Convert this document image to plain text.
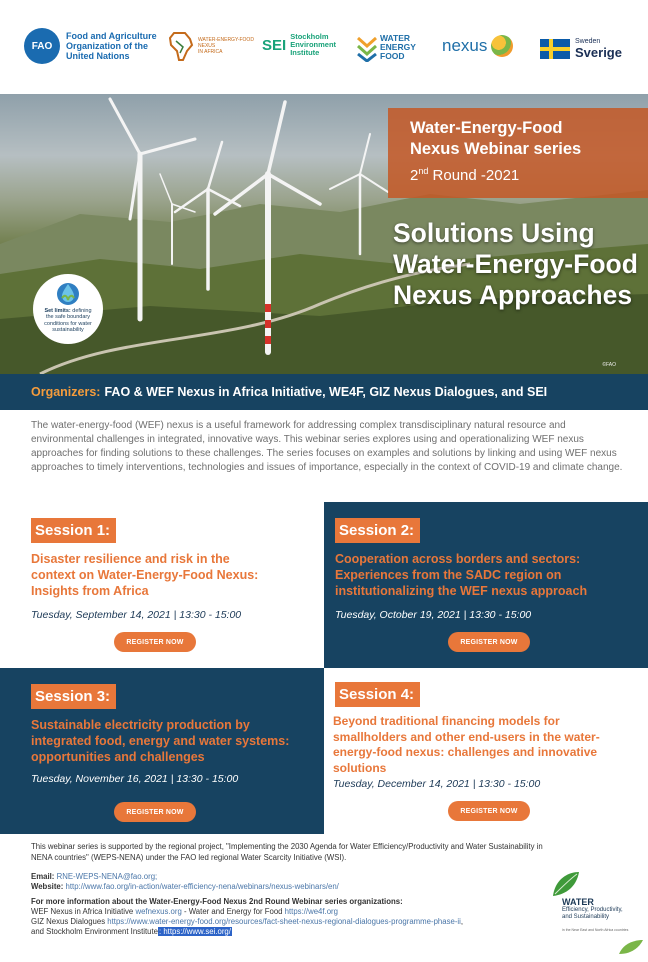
FAO
Food and Agriculture
Organization of the
United Nations
WATER-ENERGY-FOOD
NEXUS
IN AFRICA	SEI Stockholm
Environment
Institute
WATER
ENERGY
FOOD
nexus	Sweden
Sverige
Water-Energy-Food
Nexus Webinar series
2nd Round -2021
Solutions Using Water-Energy-Food Nexus Approaches
Set limits: defining the safe boundary conditions for water sustainability
©FAO
Organizers: FAO & WEF Nexus in Africa Initiative, WE4F, GIZ Nexus Dialogues, and SEI
The water-energy-food (WEF) nexus is a useful framework for addressing complex transdisciplinary natural resource and environmental challenges in integrated, innovative ways. This webinar series explores using and operationalizing WEF nexus approaches for finding solutions to these challenges. The series focuses on examples and solutions by linking and using WEF nexus approaches to timely interventions, technologies and issues of importance, especially in the context of COVID-19 and climate change.
Session 1:
Disaster resilience and risk in the context on Water-Energy-Food Nexus: Insights from Africa
Tuesday, September 14, 2021 | 13:30 - 15:00
REGISTER NOW
Session 2:
Cooperation across borders and sectors: Experiences from the SADC region on institutionalizing the WEF nexus approach
Tuesday, October 19, 2021 | 13:30 - 15:00
REGISTER NOW
Session 3:
Sustainable electricity production by integrated food, energy and water systems: opportunities and challenges
Tuesday, November 16, 2021 | 13:30 - 15:00
REGISTER NOW
Session 4:
Beyond traditional financing models for smallholders and other end-users in the water-energy-food nexus: challenges and innovative solutions
Tuesday, December 14, 2021 | 13:30 - 15:00
REGISTER NOW
This webinar series is supported by the regional project, "Implementing the 2030 Agenda for Water Efficiency/Productivity and Water Sustainability in NENA countries" (WEPS-NENA) under the FAO led regional Water Scarcity Initiative (WSI).
Email: RNE-WEPS-NENA@fao.org;
Website: http://www.fao.org/in-action/water-efficiency-nena/webinars/nexus-webinars/en/
For more information about the Water-Energy-Food Nexus 2nd Round Webinar series organizations:
WEF Nexus in Africa Initiative wefnexus.org - Water and Energy for Food https://we4f.org
GIZ Nexus Dialogues https://www.water-energy-food.org/resources/fact-sheet-nexus-regional-dialogues-programme-phase-ii,
and Stockholm Environment Institute: https://www.sei.org/
WATER
Efficiency, Productivity,
and Sustainability
in the Near East and North Africa countries
